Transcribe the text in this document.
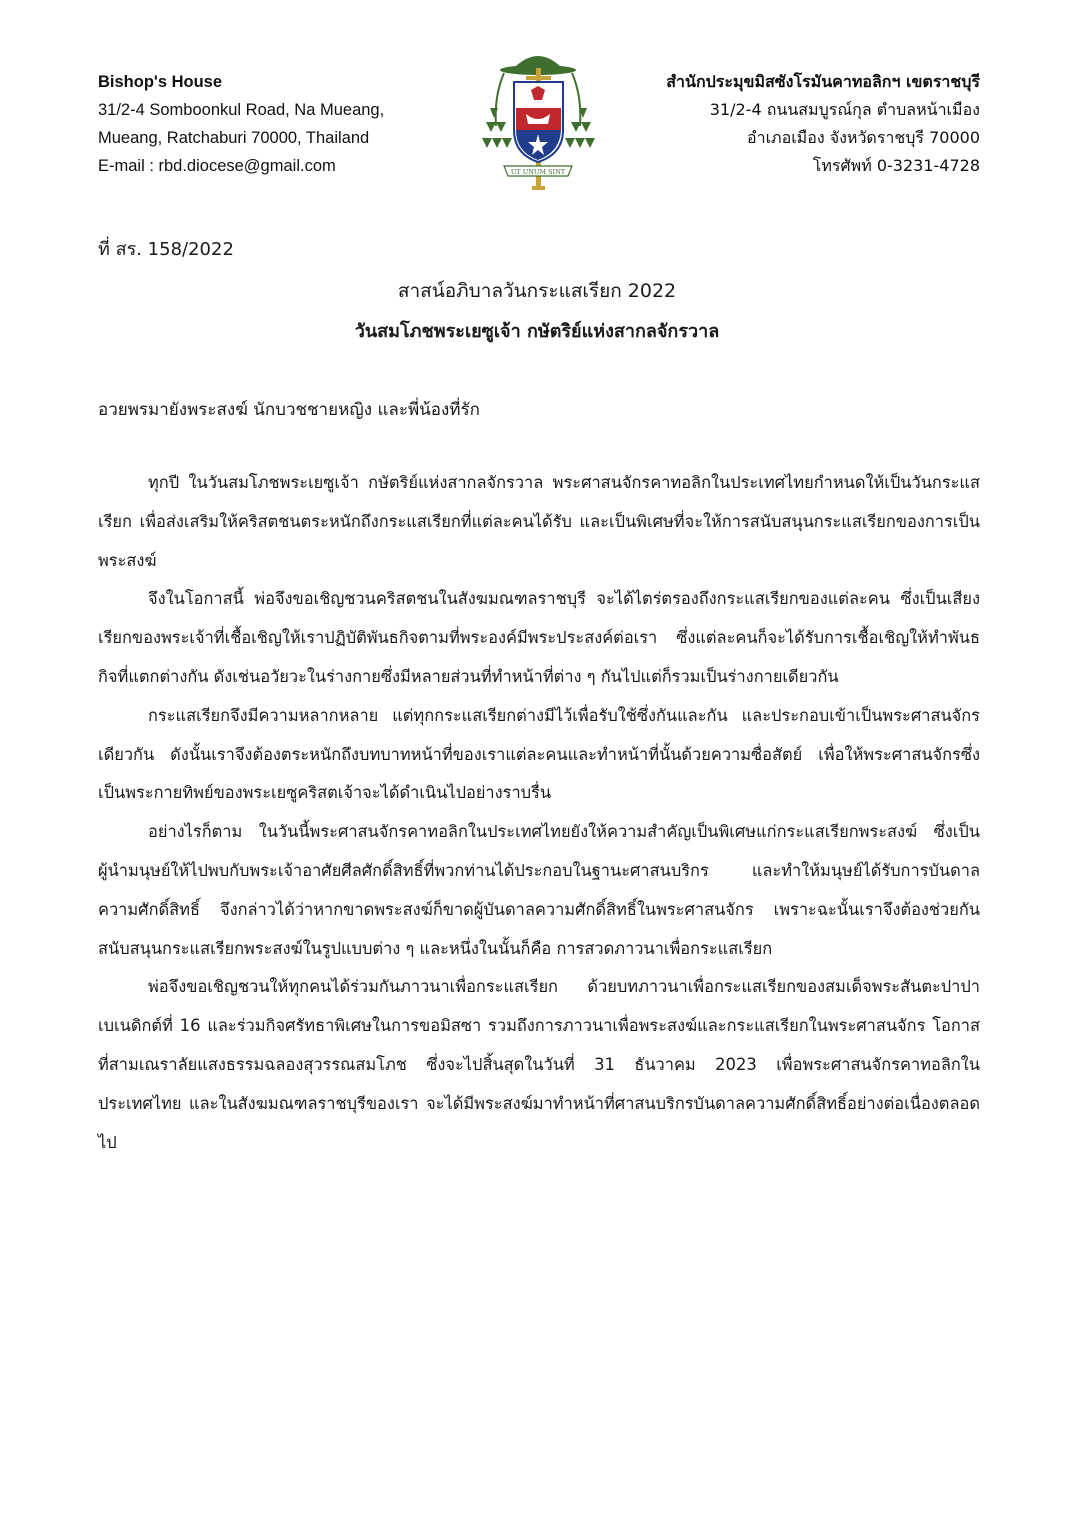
Bishop's House
31/2-4 Somboonkul Road, Na Mueang,
Mueang, Ratchaburi 70000, Thailand
E-mail : rbd.diocese@gmail.com	UT UNUM SINT
สำนักประมุขมิสซังโรมันคาทอลิกฯ เขตราชบุรี
31/2-4 ถนนสมบูรณ์กุล ตำบลหน้าเมือง
อำเภอเมือง จังหวัดราชบุรี 70000
โทรศัพท์ 0-3231-4728
ที่ สร. 158/2022
สาสน์อภิบาลวันกระแสเรียก 2022
วันสมโภชพระเยซูเจ้า กษัตริย์แห่งสากลจักรวาล
อวยพรมายังพระสงฆ์ นักบวชชายหญิง และพี่น้องที่รัก

ทุกปี ในวันสมโภชพระเยซูเจ้า กษัตริย์แห่งสากลจักรวาล พระศาสนจักรคาทอลิกในประเทศไทยกำหนดให้เป็นวันกระแสเรียก เพื่อส่งเสริมให้คริสตชนตระหนักถึงกระแสเรียกที่แต่ละคนได้รับ และเป็นพิเศษที่จะให้การสนับสนุนกระแสเรียกของการเป็นพระสงฆ์

จึงในโอกาสนี้ พ่อจึงขอเชิญชวนคริสตชนในสังฆมณฑลราชบุรี จะได้ไตร่ตรองถึงกระแสเรียกของแต่ละคน ซึ่งเป็นเสียงเรียกของพระเจ้าที่เชื้อเชิญให้เราปฏิบัติพันธกิจตามที่พระองค์มีพระประสงค์ต่อเรา ซึ่งแต่ละคนก็จะได้รับการเชื้อเชิญให้ทำพันธกิจที่แตกต่างกัน ดังเช่นอวัยวะในร่างกายซึ่งมีหลายส่วนที่ทำหน้าที่ต่าง ๆ กันไปแต่ก็รวมเป็นร่างกายเดียวกัน

กระแสเรียกจึงมีความหลากหลาย แต่ทุกกระแสเรียกต่างมีไว้เพื่อรับใช้ซึ่งกันและกัน และประกอบเข้าเป็นพระศาสนจักรเดียวกัน ดังนั้นเราจึงต้องตระหนักถึงบทบาทหน้าที่ของเราแต่ละคนและทำหน้าที่นั้นด้วยความซื่อสัตย์ เพื่อให้พระศาสนจักรซึ่งเป็นพระกายทิพย์ของพระเยซูคริสตเจ้าจะได้ดำเนินไปอย่างราบรื่น

อย่างไรก็ตาม ในวันนี้พระศาสนจักรคาทอลิกในประเทศไทยยังให้ความสำคัญเป็นพิเศษแก่กระแสเรียกพระสงฆ์ ซึ่งเป็นผู้นำมนุษย์ให้ไปพบกับพระเจ้าอาศัยศีลศักดิ์สิทธิ์ที่พวกท่านได้ประกอบในฐานะศาสนบริกร และทำให้มนุษย์ได้รับการบันดาลความศักดิ์สิทธิ์ จึงกล่าวได้ว่าหากขาดพระสงฆ์ก็ขาดผู้บันดาลความศักดิ์สิทธิ์ในพระศาสนจักร เพราะฉะนั้นเราจึงต้องช่วยกันสนับสนุนกระแสเรียกพระสงฆ์ในรูปแบบต่าง ๆ และหนึ่งในนั้นก็คือ การสวดภาวนาเพื่อกระแสเรียก

พ่อจึงขอเชิญชวนให้ทุกคนได้ร่วมกันภาวนาเพื่อกระแสเรียก ด้วยบทภาวนาเพื่อกระแสเรียกของสมเด็จพระสันตะปาปาเบเนดิกต์ที่ 16 และร่วมกิจศรัทธาพิเศษในการขอมิสซา รวมถึงการภาวนาเพื่อพระสงฆ์และกระแสเรียกในพระศาสนจักร โอกาสที่สามเณราลัยแสงธรรมฉลองสุวรรณสมโภช ซึ่งจะไปสิ้นสุดในวันที่ 31 ธันวาคม 2023 เพื่อพระศาสนจักรคาทอลิกในประเทศไทย และในสังฆมณฑลราชบุรีของเรา จะได้มีพระสงฆ์มาทำหน้าที่ศาสนบริกรบันดาลความศักดิ์สิทธิ์อย่างต่อเนื่องตลอดไป
